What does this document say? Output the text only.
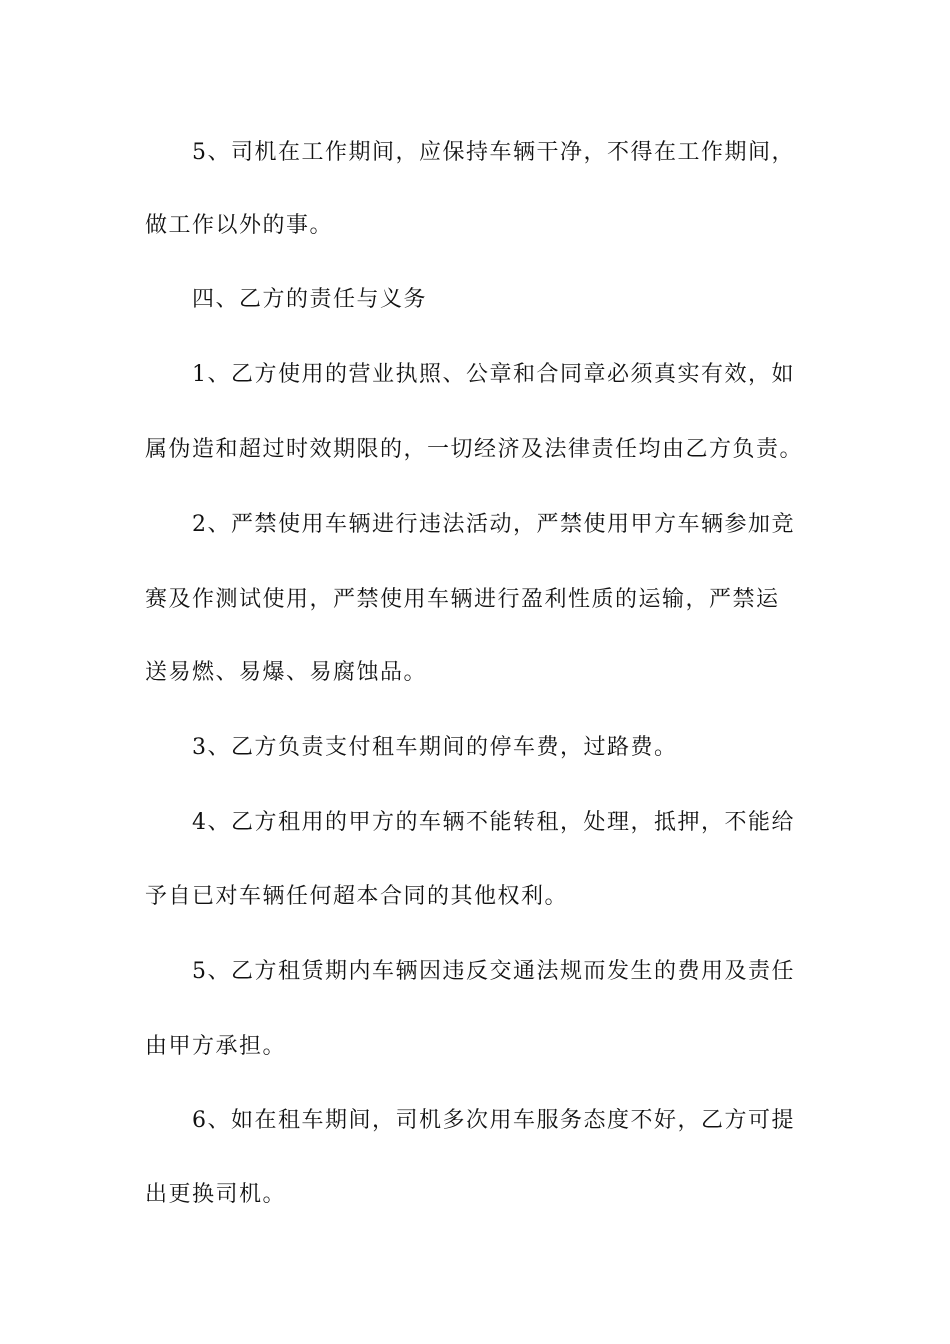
5、司机在工作期间，应保持车辆干净，不得在工作期间，
做工作以外的事。
四、乙方的责任与义务
1、乙方使用的营业执照、公章和合同章必须真实有效，如
属伪造和超过时效期限的，一切经济及法律责任均由乙方负责。
2、严禁使用车辆进行违法活动，严禁使用甲方车辆参加竞
赛及作测试使用，严禁使用车辆进行盈利性质的运输，严禁运
送易燃、易爆、易腐蚀品。
3、乙方负责支付租车期间的停车费，过路费。
4、乙方租用的甲方的车辆不能转租，处理，抵押，不能给
予自已对车辆任何超本合同的其他权利。
5、乙方租赁期内车辆因违反交通法规而发生的费用及责任
由甲方承担。
6、如在租车期间，司机多次用车服务态度不好，乙方可提
出更换司机。
